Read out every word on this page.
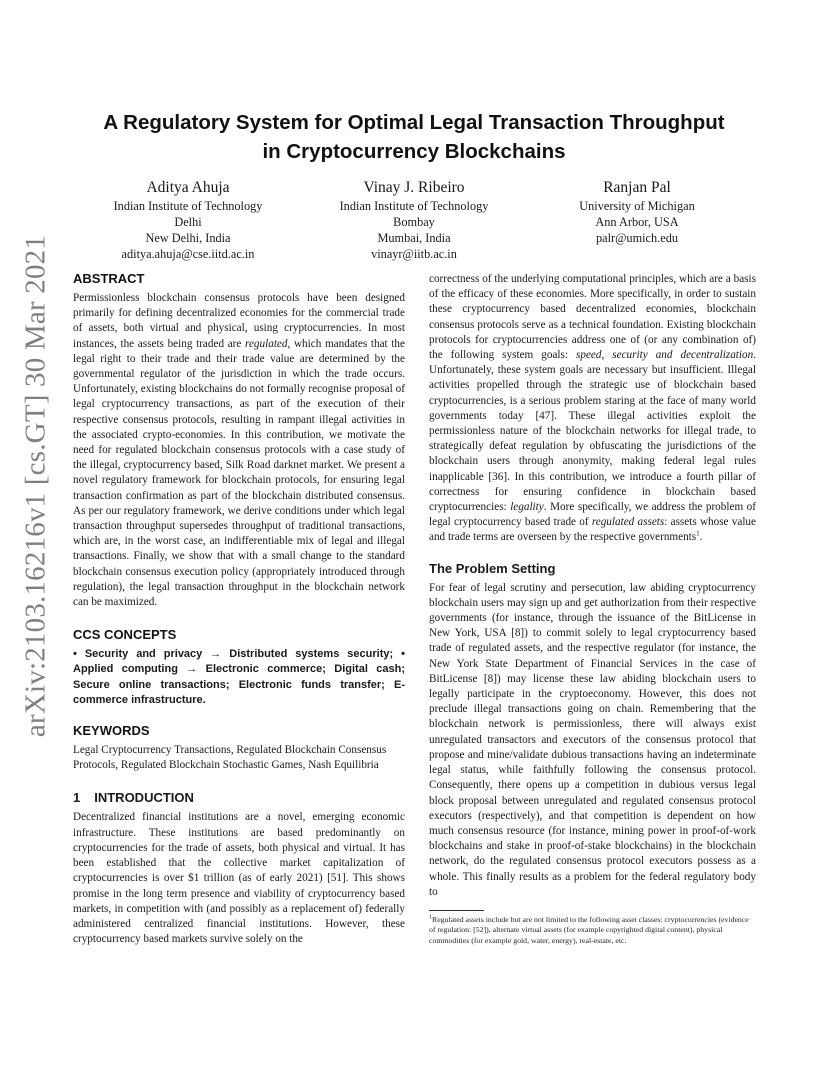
arXiv:2103.16216v1 [cs.GT] 30 Mar 2021
A Regulatory System for Optimal Legal Transaction Throughput
in Cryptocurrency Blockchains
Aditya Ahuja
Indian Institute of Technology
Delhi
New Delhi, India
aditya.ahuja@cse.iitd.ac.in
Vinay J. Ribeiro
Indian Institute of Technology
Bombay
Mumbai, India
vinayr@iitb.ac.in
Ranjan Pal
University of Michigan
Ann Arbor, USA
palr@umich.edu
ABSTRACT

Permissionless blockchain consensus protocols have been designed primarily for defining decentralized economies for the commercial trade of assets, both virtual and physical, using cryptocurrencies. In most instances, the assets being traded are regulated, which mandates that the legal right to their trade and their trade value are determined by the governmental regulator of the jurisdiction in which the trade occurs. Unfortunately, existing blockchains do not formally recognise proposal of legal cryptocurrency transactions, as part of the execution of their respective consensus protocols, resulting in rampant illegal activities in the associated crypto-economies. In this contribution, we motivate the need for regulated blockchain consensus protocols with a case study of the illegal, cryptocurrency based, Silk Road darknet market. We present a novel regulatory framework for blockchain protocols, for ensuring legal transaction confirmation as part of the blockchain distributed consensus. As per our regulatory framework, we derive conditions under which legal transaction throughput supersedes throughput of traditional transactions, which are, in the worst case, an indifferentiable mix of legal and illegal transactions. Finally, we show that with a small change to the standard blockchain consensus execution policy (appropriately introduced through regulation), the legal transaction throughput in the blockchain network can be maximized.

CCS CONCEPTS

• Security and privacy → Distributed systems security; • Applied computing → Electronic commerce; Digital cash; Secure online transactions; Electronic funds transfer; E-commerce infrastructure.

KEYWORDS

Legal Cryptocurrency Transactions, Regulated Blockchain Consensus Protocols, Regulated Blockchain Stochastic Games, Nash Equilibria

1 INTRODUCTION

Decentralized financial institutions are a novel, emerging economic infrastructure. These institutions are based predominantly on cryptocurrencies for the trade of assets, both physical and virtual. It has been established that the collective market capitalization of cryptocurrencies is over $1 trillion (as of early 2021) [51]. This shows promise in the long term presence and viability of cryptocurrency based markets, in competition with (and possibly as a replacement of) federally administered centralized financial institutions. However, these cryptocurrency based markets survive solely on the

correctness of the underlying computational principles, which are a basis of the efficacy of these economies. More specifically, in order to sustain these cryptocurrency based decentralized economies, blockchain consensus protocols serve as a technical foundation. Existing blockchain protocols for cryptocurrencies address one of (or any combination of) the following system goals: speed, security and decentralization. Unfortunately, these system goals are necessary but insufficient. Illegal activities propelled through the strategic use of blockchain based cryptocurrencies, is a serious problem staring at the face of many world governments today [47]. These illegal activities exploit the permissionless nature of the blockchain networks for illegal trade, to strategically defeat regulation by obfuscating the jurisdictions of the blockchain users through anonymity, making federal legal rules inapplicable [36]. In this contribution, we introduce a fourth pillar of correctness for ensuring confidence in blockchain based cryptocurrencies: legality. More specifically, we address the problem of legal cryptocurrency based trade of regulated assets: assets whose value and trade terms are overseen by the respective governments$^1$.

The Problem Setting

For fear of legal scrutiny and persecution, law abiding cryptocurrency blockchain users may sign up and get authorization from their respective governments (for instance, through the issuance of the BitLicense in New York, USA [8]) to commit solely to legal cryptocurrency based trade of regulated assets, and the respective regulator (for instance, the New York State Department of Financial Services in the case of BitLicense [8]) may license these law abiding blockchain users to legally participate in the cryptoeconomy. However, this does not preclude illegal transactions going on chain. Remembering that the blockchain network is permissionless, there will always exist unregulated transactors and executors of the consensus protocol that propose and mine/validate dubious transactions having an indeterminate legal status, while faithfully following the consensus protocol. Consequently, there opens up a competition in dubious versus legal block proposal between unregulated and regulated consensus protocol executors (respectively), and that competition is dependent on how much consensus resource (for instance, mining power in proof-of-work blockchains and stake in proof-of-stake blockchains) in the blockchain network, do the regulated consensus protocol executors possess as a whole. This finally results as a problem for the federal regulatory body to

$^1$Regulated assets include but are not limited to the following asset classes: cryptocurrencies (evidence of regulation: [52]), alternate virtual assets (for example copyrighted digital content), physical commodities (for example gold, water, energy), real-estate, etc.
